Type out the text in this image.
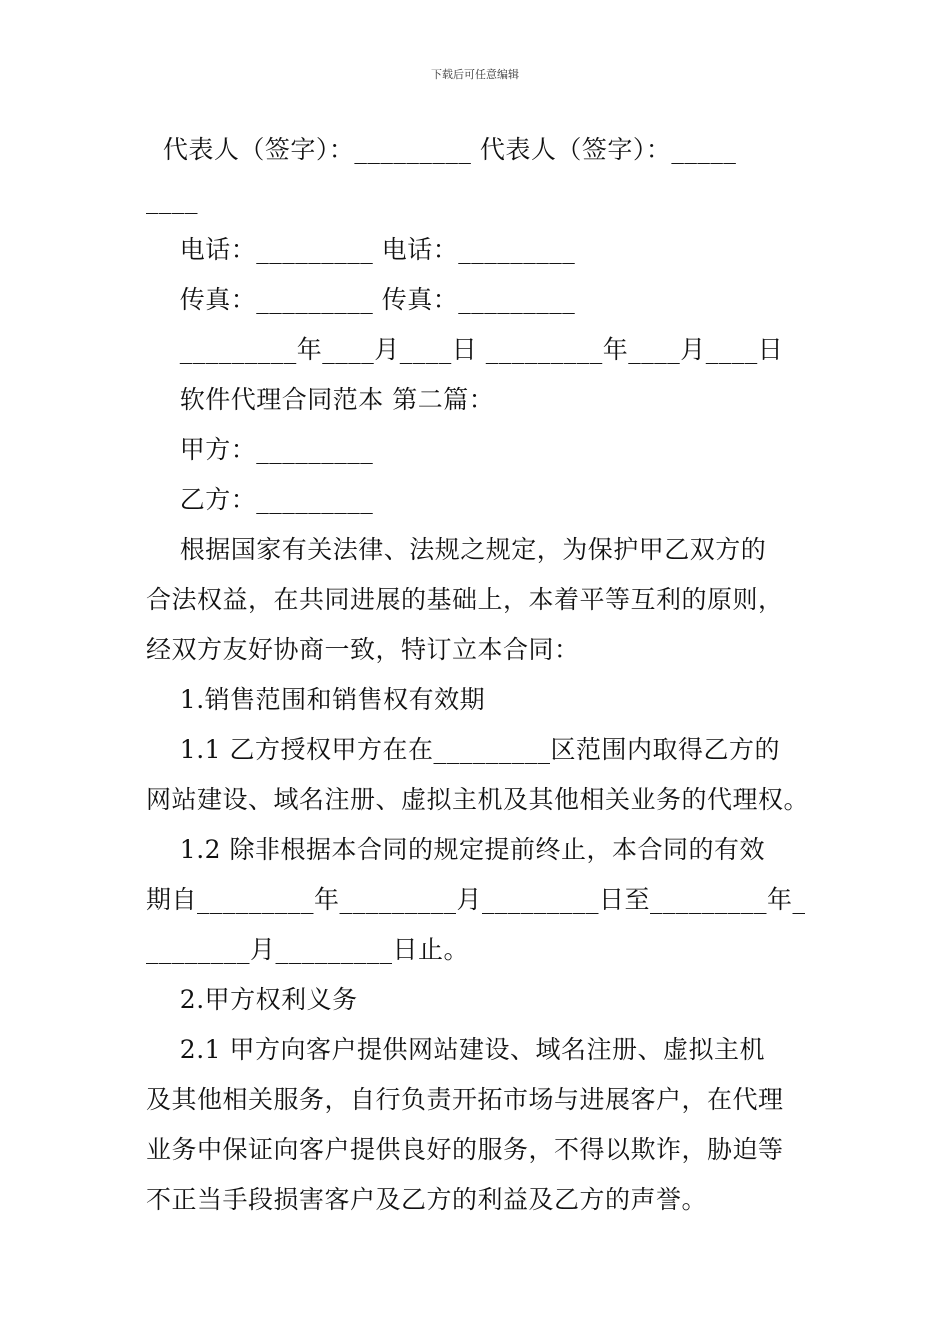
下载后可任意编辑
代表人（签字）：_________ 代表人（签字）：_____
____
电话：_________ 电话：_________
传真：_________ 传真：_________
_________年____月____日 _________年____月____日
软件代理合同范本 第二篇：
甲方：_________
乙方：_________
根据国家有关法律、法规之规定，为保护甲乙双方的
合法权益，在共同进展的基础上，本着平等互利的原则，
经双方友好协商一致，特订立本合同：
1.销售范围和销售权有效期
1.1 乙方授权甲方在在_________区范围内取得乙方的
网站建设、域名注册、虚拟主机及其他相关业务的代理权。
1.2 除非根据本合同的规定提前终止，本合同的有效
期自_________年_________月_________日至_________年_
________月_________日止。
2.甲方权利义务
2.1 甲方向客户提供网站建设、域名注册、虚拟主机
及其他相关服务，自行负责开拓市场与进展客户，在代理
业务中保证向客户提供良好的服务，不得以欺诈，胁迫等
不正当手段损害客户及乙方的利益及乙方的声誉。
